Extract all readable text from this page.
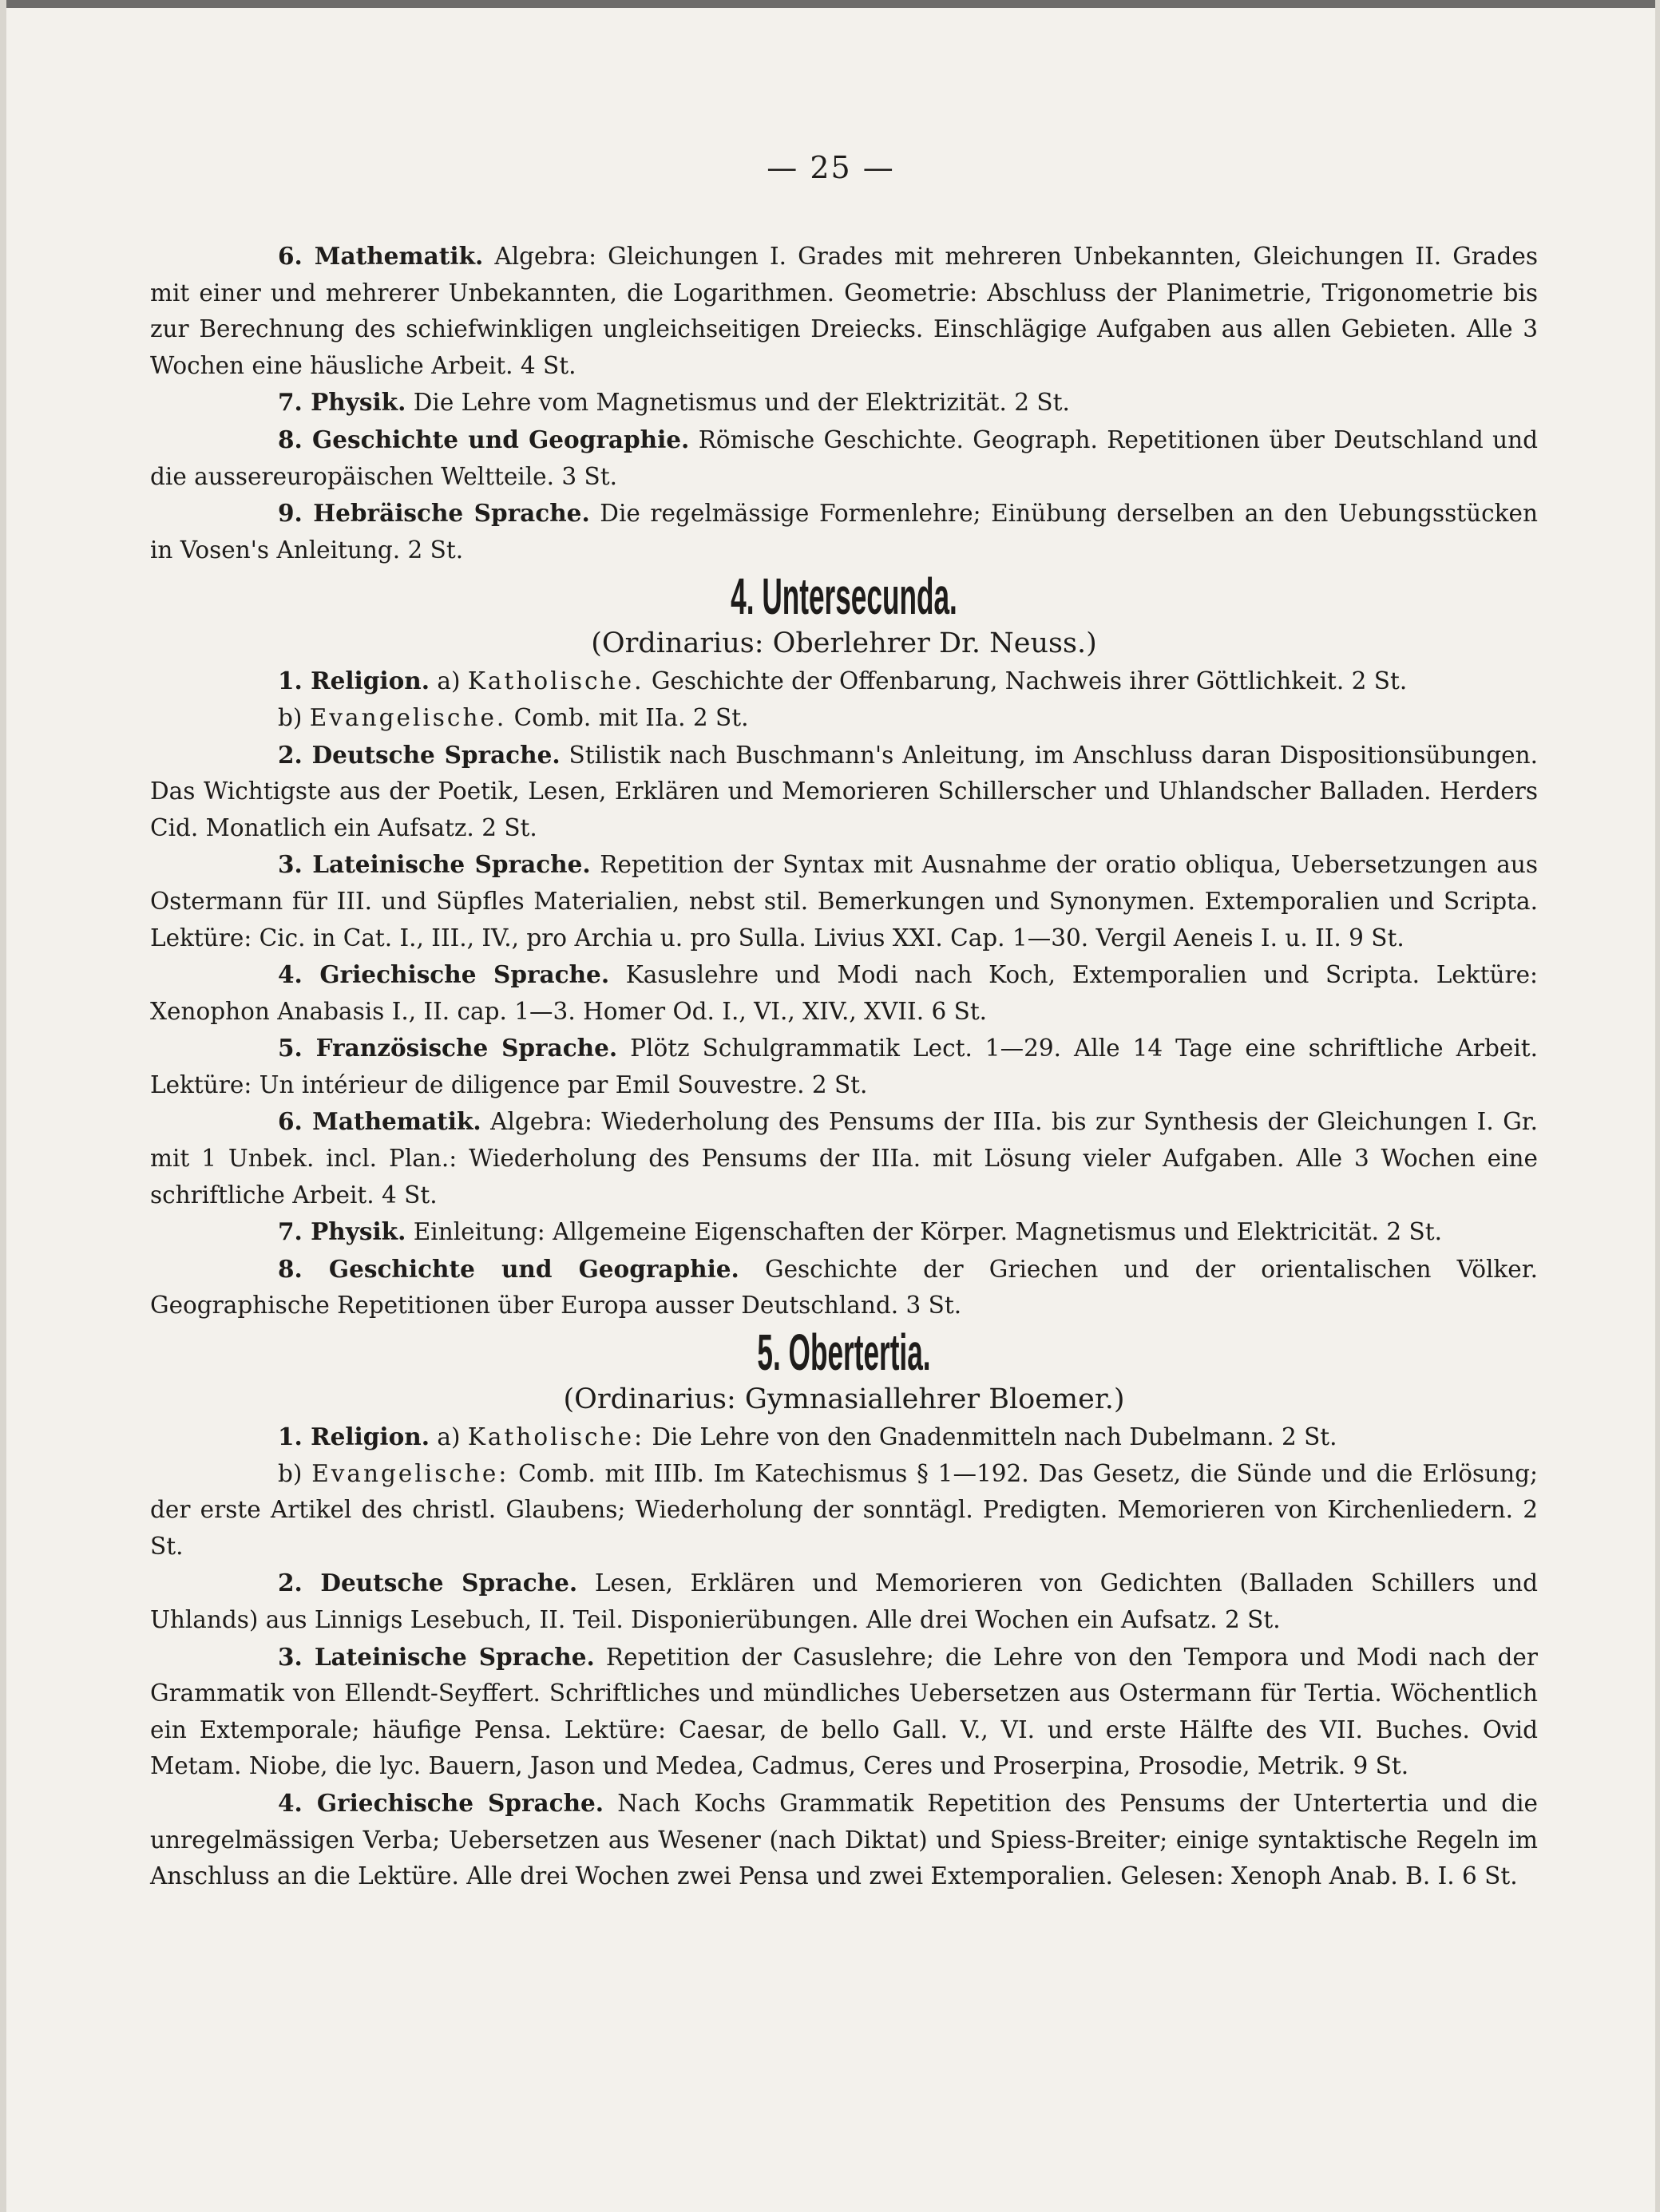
— 25 —

6. Mathematik. Algebra: Gleichungen I. Grades mit mehreren Unbekannten, Gleichungen II. Grades mit einer und mehrerer Unbekannten, die Logarithmen. Geometrie: Abschluss der Planimetrie, Trigonometrie bis zur Berechnung des schiefwinkligen ungleichseitigen Dreiecks. Einschlägige Aufgaben aus allen Gebieten. Alle 3 Wochen eine häusliche Arbeit. 4 St.

7. Physik. Die Lehre vom Magnetismus und der Elektrizität. 2 St.

8. Geschichte und Geographie. Römische Geschichte. Geograph. Repetitionen über Deutschland und die aussereuropäischen Weltteile. 3 St.

9. Hebräische Sprache. Die regelmässige Formenlehre; Einübung derselben an den Uebungsstücken in Vosen's Anleitung. 2 St.

4. Untersecunda.

(Ordinarius: Oberlehrer Dr. Neuss.)

1. Religion. a) Katholische. Geschichte der Offenbarung, Nachweis ihrer Göttlichkeit. 2 St.

b) Evangelische. Comb. mit IIa. 2 St.

2. Deutsche Sprache. Stilistik nach Buschmann's Anleitung, im Anschluss daran Dispositionsübungen. Das Wichtigste aus der Poetik, Lesen, Erklären und Memorieren Schillerscher und Uhlandscher Balladen. Herders Cid. Monatlich ein Aufsatz. 2 St.

3. Lateinische Sprache. Repetition der Syntax mit Ausnahme der oratio obliqua, Uebersetzungen aus Ostermann für III. und Süpfles Materialien, nebst stil. Bemerkungen und Synonymen. Extemporalien und Scripta. Lektüre: Cic. in Cat. I., III., IV., pro Archia u. pro Sulla. Livius XXI. Cap. 1—30. Vergil Aeneis I. u. II. 9 St.

4. Griechische Sprache. Kasuslehre und Modi nach Koch, Extemporalien und Scripta. Lektüre: Xenophon Anabasis I., II. cap. 1—3. Homer Od. I., VI., XIV., XVII. 6 St.

5. Französische Sprache. Plötz Schulgrammatik Lect. 1—29. Alle 14 Tage eine schriftliche Arbeit. Lektüre: Un intérieur de diligence par Emil Souvestre. 2 St.

6. Mathematik. Algebra: Wiederholung des Pensums der IIIa. bis zur Synthesis der Gleichungen I. Gr. mit 1 Unbek. incl. Plan.: Wiederholung des Pensums der IIIa. mit Lösung vieler Aufgaben. Alle 3 Wochen eine schriftliche Arbeit. 4 St.

7. Physik. Einleitung: Allgemeine Eigenschaften der Körper. Magnetismus und Elektricität. 2 St.

8. Geschichte und Geographie. Geschichte der Griechen und der orientalischen Völker. Geographische Repetitionen über Europa ausser Deutschland. 3 St.

5. Obertertia.

(Ordinarius: Gymnasiallehrer Bloemer.)

1. Religion. a) Katholische: Die Lehre von den Gnadenmitteln nach Dubelmann. 2 St.

b) Evangelische: Comb. mit IIIb. Im Katechismus § 1—192. Das Gesetz, die Sünde und die Erlösung; der erste Artikel des christl. Glaubens; Wiederholung der sonntägl. Predigten. Memorieren von Kirchenliedern. 2 St.

2. Deutsche Sprache. Lesen, Erklären und Memorieren von Gedichten (Balladen Schillers und Uhlands) aus Linnigs Lesebuch, II. Teil. Disponierübungen. Alle drei Wochen ein Aufsatz. 2 St.

3. Lateinische Sprache. Repetition der Casuslehre; die Lehre von den Tempora und Modi nach der Grammatik von Ellendt-Seyffert. Schriftliches und mündliches Uebersetzen aus Ostermann für Tertia. Wöchentlich ein Extemporale; häufige Pensa. Lektüre: Caesar, de bello Gall. V., VI. und erste Hälfte des VII. Buches. Ovid Metam. Niobe, die lyc. Bauern, Jason und Medea, Cadmus, Ceres und Proserpina, Prosodie, Metrik. 9 St.

4. Griechische Sprache. Nach Kochs Grammatik Repetition des Pensums der Untertertia und die unregelmässigen Verba; Uebersetzen aus Wesener (nach Diktat) und Spiess-Breiter; einige syntaktische Regeln im Anschluss an die Lektüre. Alle drei Wochen zwei Pensa und zwei Extemporalien. Gelesen: Xenoph Anab. B. I. 6 St.
